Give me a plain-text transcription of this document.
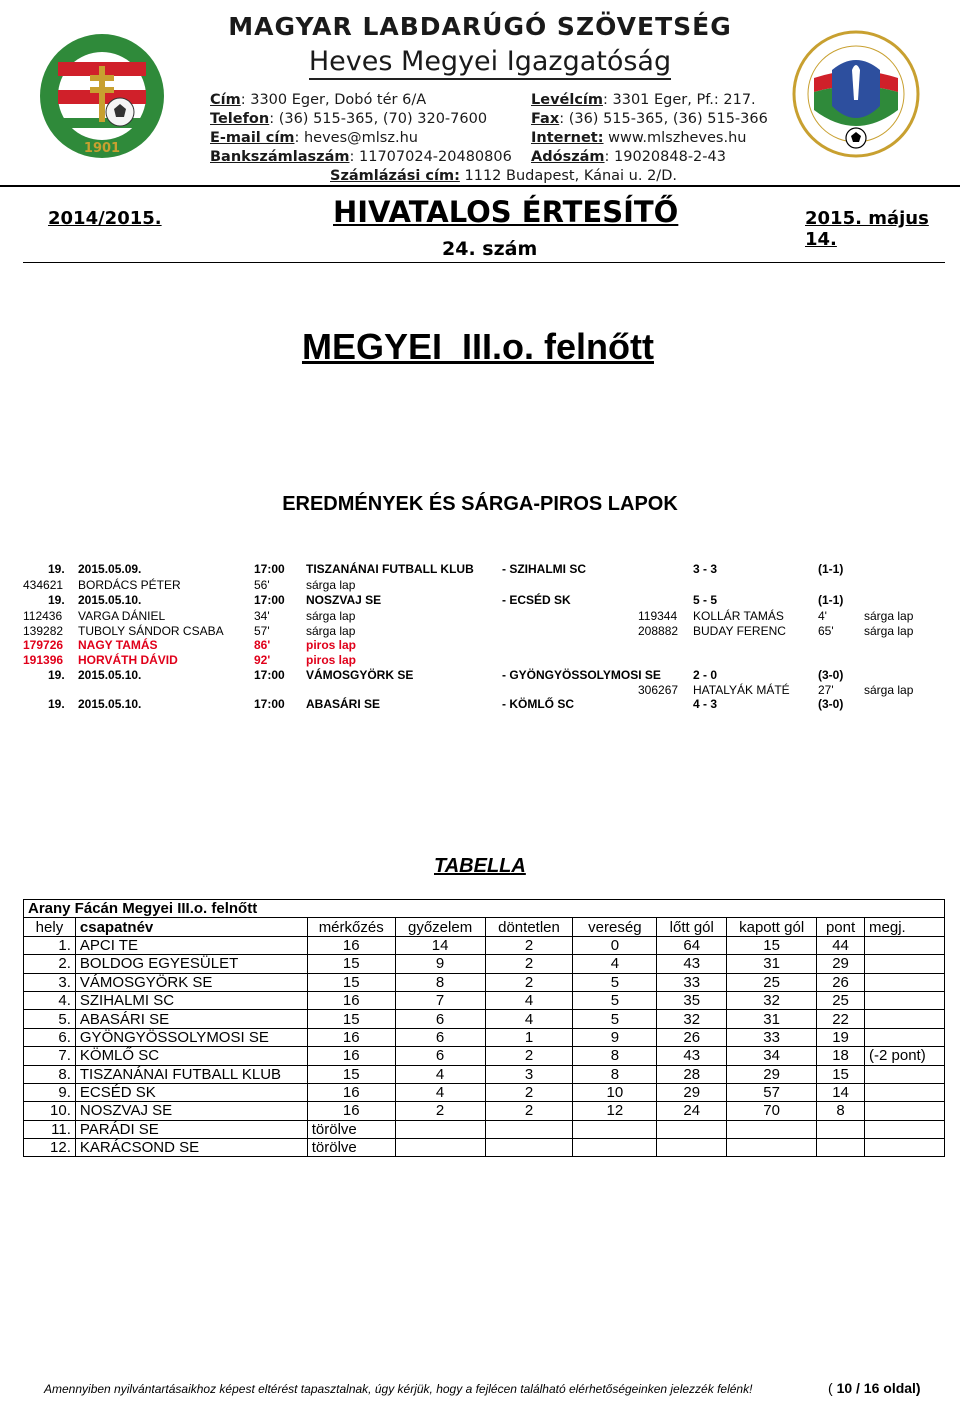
1901
MAGYAR LABDARÚGÓ SZÖVETSÉG
Heves Megyei Igazgatóság
Cím: 3300 Eger, Dobó tér 6/A
Telefon: (36) 515-365, (70) 320-7600
E-mail cím: heves@mlsz.hu
Bankszámlaszám: 11707024-20480806
Levélcím: 3301 Eger, Pf.: 217.
Fax: (36) 515-365, (36) 515-366
Internet: www.mlszheves.hu
Adószám: 19020848-2-43
Számlázási cím: 1112 Budapest, Kánai u. 2/D.
2014/2015.	HIVATALOS ÉRTESÍTŐ	2015. május 14.
24. szám
MEGYEI  III.o. felnőtt
EREDMÉNYEK ÉS SÁRGA-PIROS LAPOK
19. 2015.05.09.	17:00 TISZANÁNAI FUTBALL KLUB - SZIHALMI SC	3 - 3	(1-1)
434621 BORDÁCS PÉTER	56'	sárga lap
19. 2015.05.10.	17:00 NOSZVAJ SE	- ECSÉD SK	5 - 5	(1-1)
112436 VARGA DÁNIEL	34'	sárga lap	119344 KOLLÁR TAMÁS	4'	sárga lap
139282 TUBOLY SÁNDOR CSABA	57'	sárga lap	208882 BUDAY FERENC	65'	sárga lap
179726 NAGY TAMÁS	86'	piros lap
191396 HORVÁTH DÁVID	92'	piros lap
19. 2015.05.10.	17:00 VÁMOSGYÖRK SE	- GYÖNGYÖSSOLYMOSI SE	2 - 0	(3-0)
306267 HATALYÁK MÁTÉ 27'	sárga lap
19. 2015.05.10.	17:00 ABASÁRI SE	- KÖMLŐ SC	4 - 3	(3-0)
TABELLA
Arany Fácán Megyei III.o. felnőtt									
hely	csapatnév	mérkőzés	győzelem	döntetlen	vereség	lőtt gól	kapott gól	pont	megj.
1.	APCI TE	16	14	2	0	64	15	44	
2.	BOLDOG EGYESÜLET	15	9	2	4	43	31	29	
3.	VÁMOSGYÖRK SE	15	8	2	5	33	25	26	
4.	SZIHALMI SC	16	7	4	5	35	32	25	
5.	ABASÁRI SE	15	6	4	5	32	31	22	
6.	GYÖNGYÖSSOLYMOSI SE	16	6	1	9	26	33	19	
7.	KÖMLŐ SC	16	6	2	8	43	34	18	(-2 pont)
8.	TISZANÁNAI FUTBALL KLUB	15	4	3	8	28	29	15	
9.	ECSÉD SK	16	4	2	10	29	57	14	
10.	NOSZVAJ SE	16	2	2	12	24	70	8	
11.	PARÁDI SE	törölve							
12.	KARÁCSOND SE	törölve							
Amennyiben nyilvántartásaikhoz képest eltérést tapasztalnak, úgy kérjük, hogy a fejlécen található elérhetőségeinken jelezzék felénk!	( 10 / 16 oldal)
